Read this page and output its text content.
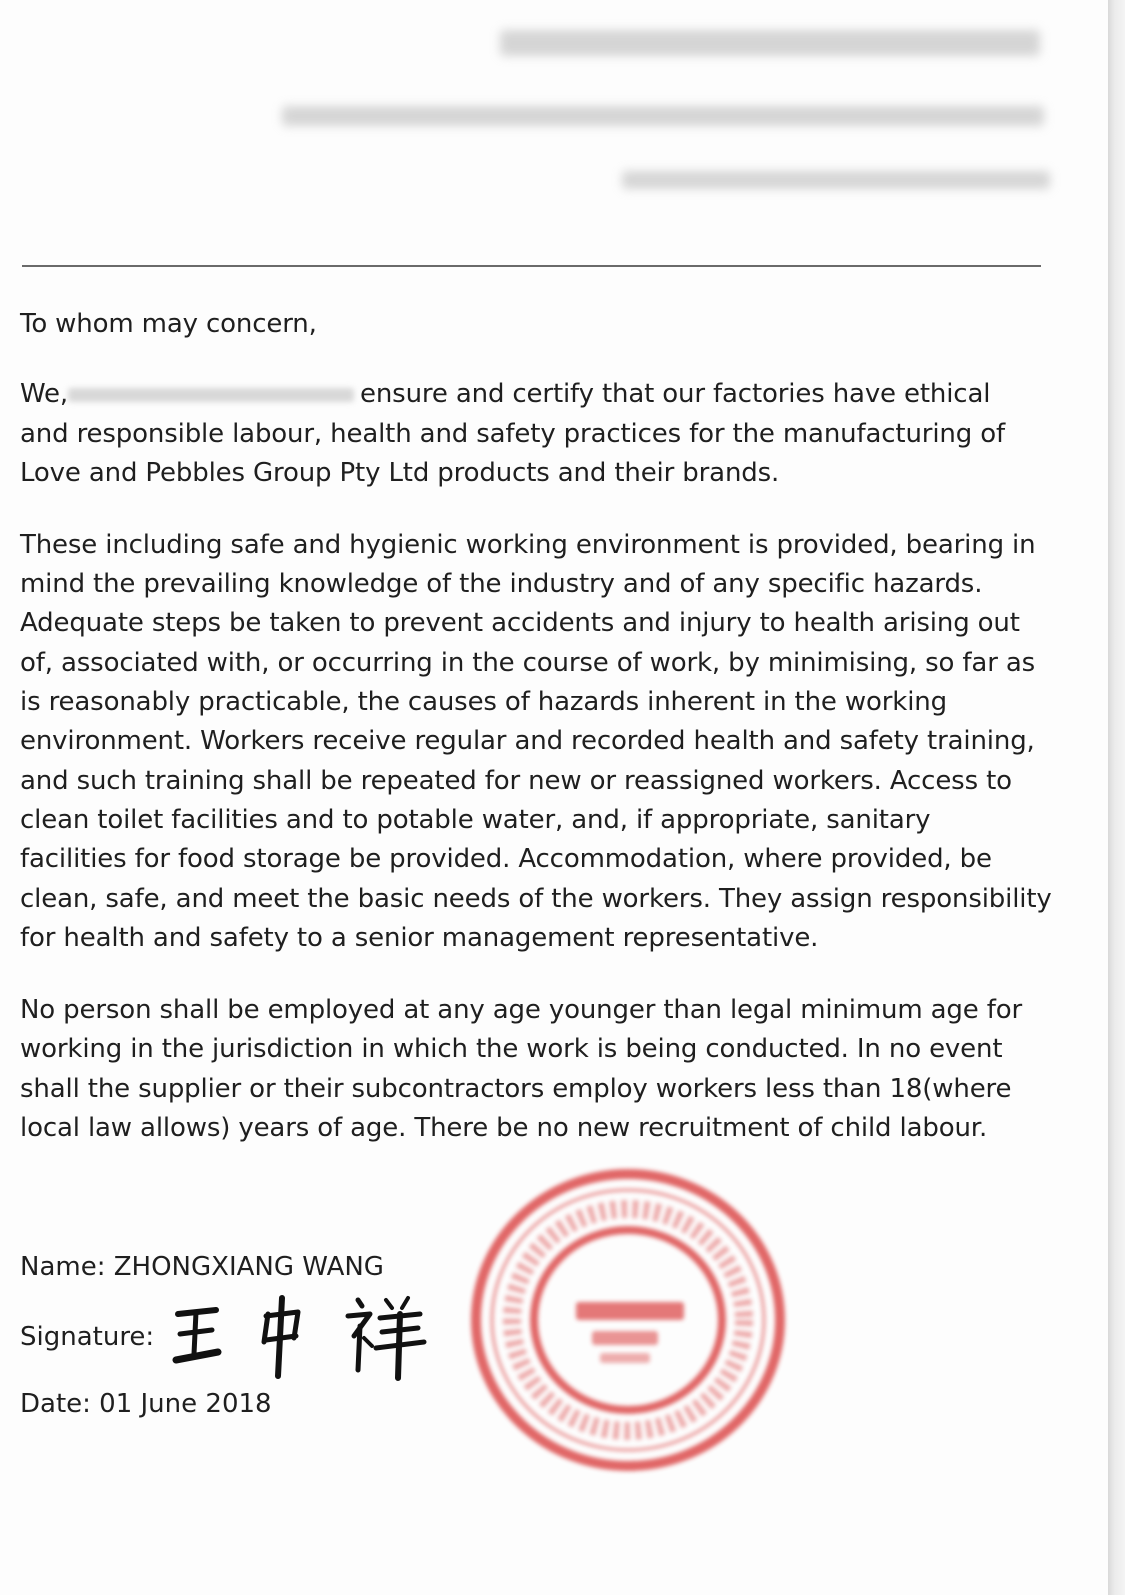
To whom may concern,
We,	ensure and certify that our factories have ethical
and responsible labour, health and safety practices for the manufacturing of
Love and Pebbles Group Pty Ltd products and their brands.
These including safe and hygienic working environment is provided, bearing in
mind the prevailing knowledge of the industry and of any specific hazards.
Adequate steps be taken to prevent accidents and injury to health arising out
of, associated with, or occurring in the course of work, by minimising, so far as
is reasonably practicable, the causes of hazards inherent in the working
environment. Workers receive regular and recorded health and safety training,
and such training shall be repeated for new or reassigned workers. Access to
clean toilet facilities and to potable water, and, if appropriate, sanitary
facilities for food storage be provided. Accommodation, where provided, be
clean, safe, and meet the basic needs of the workers. They assign responsibility
for health and safety to a senior management representative.
No person shall be employed at any age younger than legal minimum age for
working in the jurisdiction in which the work is being conducted. In no event
shall the supplier or their subcontractors employ workers less than 18(where
local law allows) years of age. There be no new recruitment of child labour.
Name: ZHONGXIANG WANG
Signature:
Date: 01 June 2018
